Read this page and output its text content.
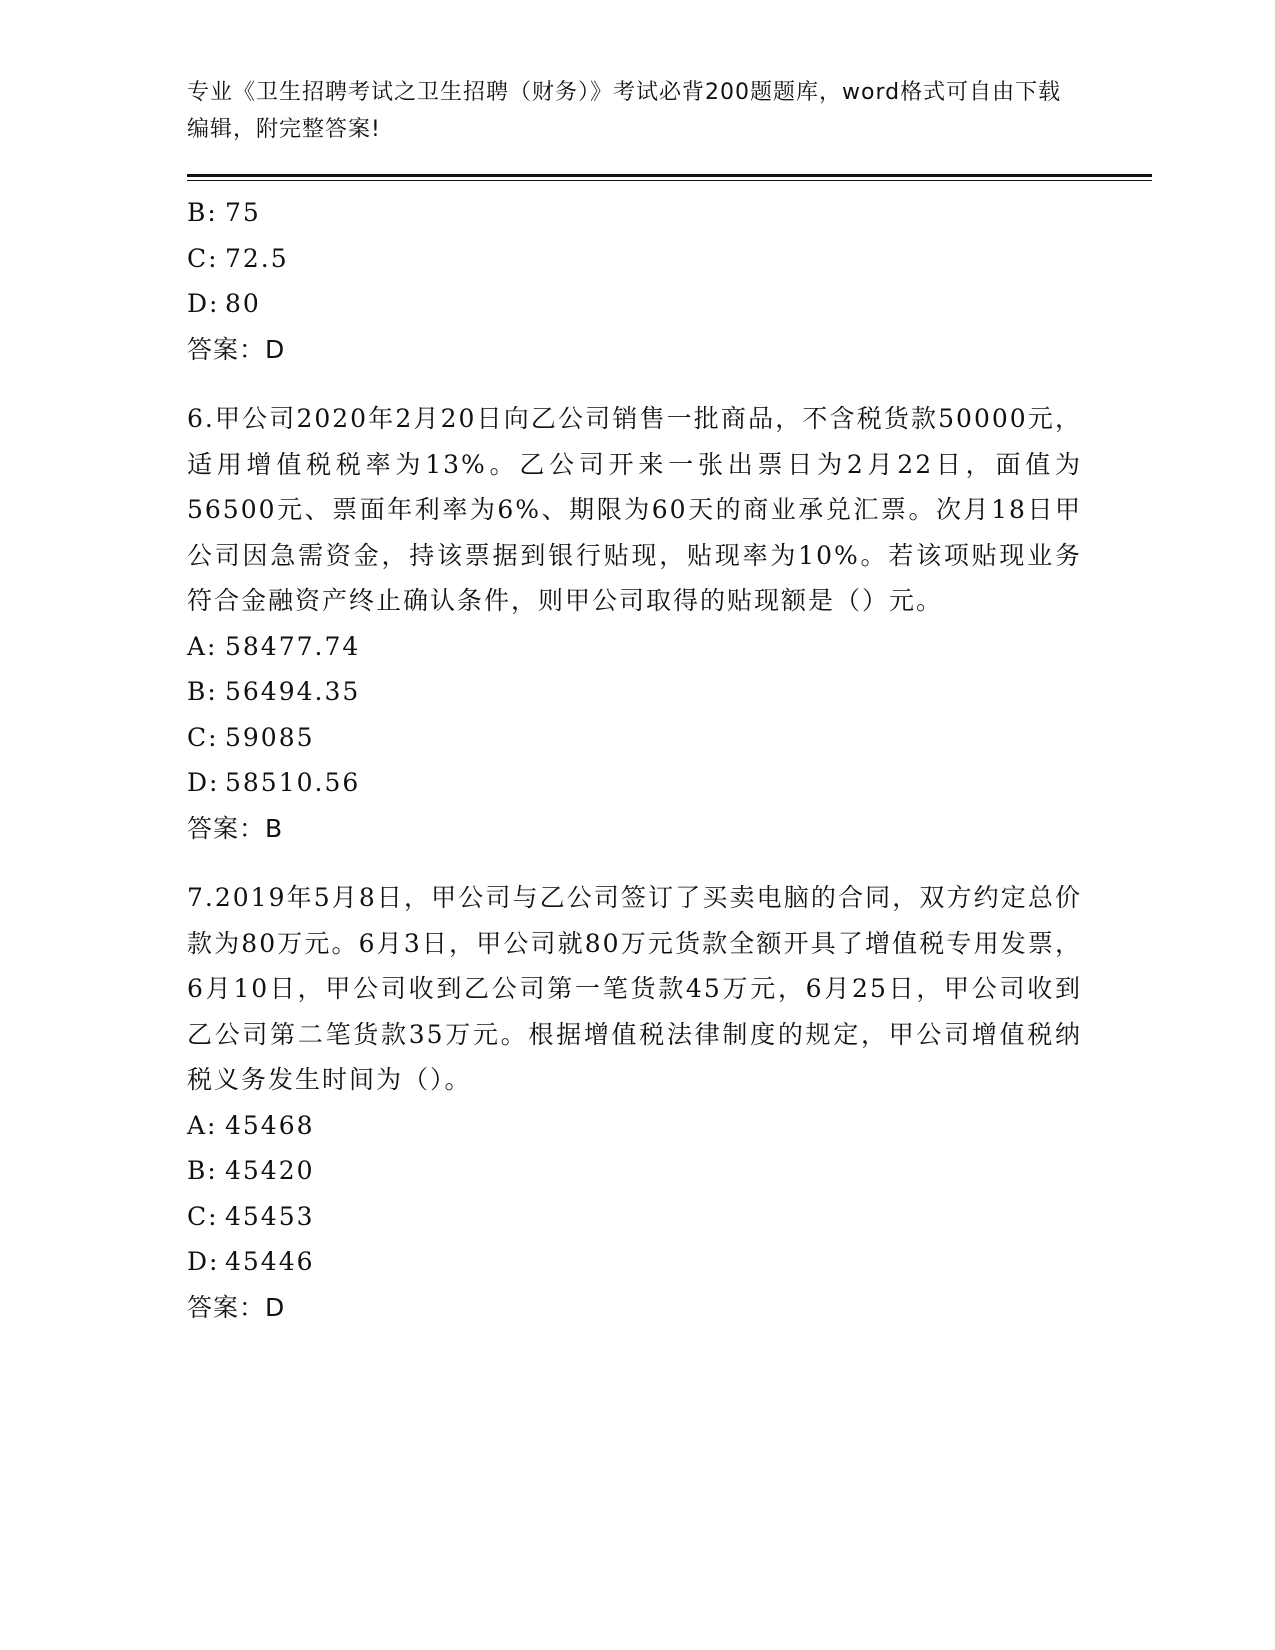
专业《卫生招聘考试之卫生招聘（财务）》考试必背200题题库，word格式可自由下载编辑，附完整答案!
B: 75
C: 72.5
D: 80
答案：D
6.甲公司2020年2月20日向乙公司销售一批商品，不含税货款50000元，适用增值税税率为13%。乙公司开来一张出票日为2月22日，面值为56500元、票面年利率为6%、期限为60天的商业承兑汇票。次月18日甲公司因急需资金，持该票据到银行贴现，贴现率为10%。若该项贴现业务符合金融资产终止确认条件，则甲公司取得的贴现额是（）元。
A: 58477.74
B: 56494.35
C: 59085
D: 58510.56
答案：B
7.2019年5月8日，甲公司与乙公司签订了买卖电脑的合同，双方约定总价款为80万元。6月3日，甲公司就80万元货款全额开具了增值税专用发票，6月10日，甲公司收到乙公司第一笔货款45万元，6月25日，甲公司收到乙公司第二笔货款35万元。根据增值税法律制度的规定，甲公司增值税纳税义务发生时间为（）。
A: 45468
B: 45420
C: 45453
D: 45446
答案：D
